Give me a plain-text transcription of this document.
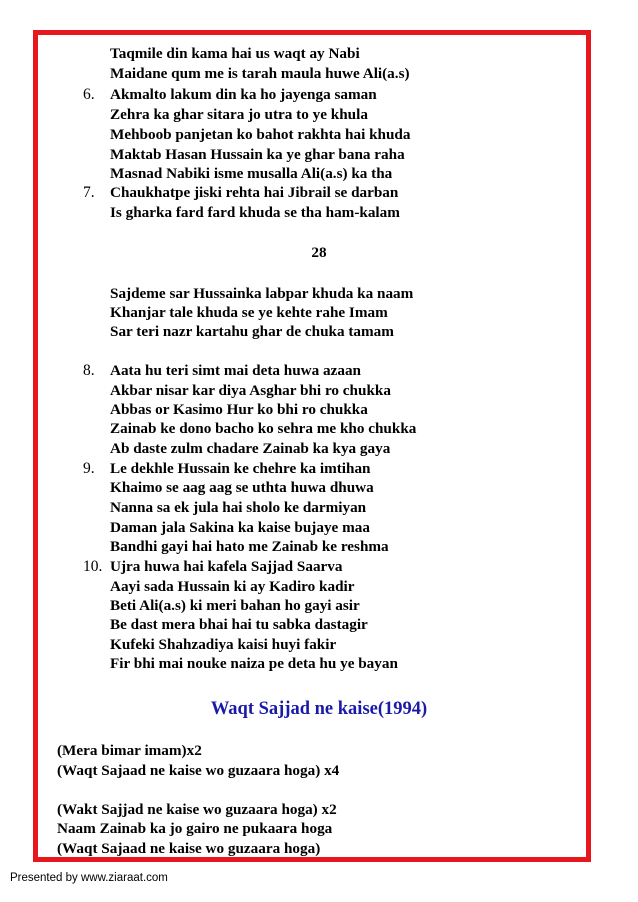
Taqmile din kama hai us waqt ay Nabi
Maidane qum me is tarah maula huwe Ali(a.s)
6. Akmalto lakum din ka ho jayenga saman
Zehra ka ghar sitara jo utra to ye khula
Mehboob panjetan ko bahot rakhta hai khuda
Maktab Hasan Hussain ka ye ghar bana raha
Masnad Nabiki isme musalla Ali(a.s) ka tha
7. Chaukhatpe jiski rehta hai Jibrail se darban
Is gharka fard fard khuda se tha ham-kalam
28
Sajdeme sar Hussainka labpar khuda ka naam
Khanjar tale khuda se ye kehte rahe Imam
Sar teri nazr kartahu ghar de chuka tamam
8. Aata hu teri simt mai deta huwa azaan
Akbar nisar kar diya Asghar bhi ro chukka
Abbas or Kasimo Hur ko bhi ro chukka
Zainab ke dono bacho ko sehra me kho chukka
Ab daste zulm chadare Zainab ka kya gaya
9. Le dekhle Hussain ke chehre ka imtihan
Khaimo se aag aag se uthta huwa dhuwa
Nanna sa ek jula hai sholo ke darmiyan
Daman jala Sakina ka kaise bujaye maa
Bandhi gayi hai hato me Zainab ke reshma
10. Ujra huwa hai kafela Sajjad Saarva
Aayi sada Hussain ki ay Kadiro kadir
Beti Ali(a.s) ki meri bahan ho gayi asir
Be dast mera bhai hai tu sabka dastagir
Kufeki Shahzadiya kaisi huyi fakir
Fir bhi mai nouke naiza pe deta hu ye bayan
Waqt Sajjad ne kaise(1994)
(Mera bimar imam)x2
(Waqt Sajaad ne kaise wo guzaara hoga) x4
(Wakt Sajjad ne kaise wo guzaara hoga) x2
Naam Zainab ka jo gairo ne pukaara hoga
(Waqt Sajaad ne kaise wo guzaara hoga)
Presented by www.ziaraat.com
